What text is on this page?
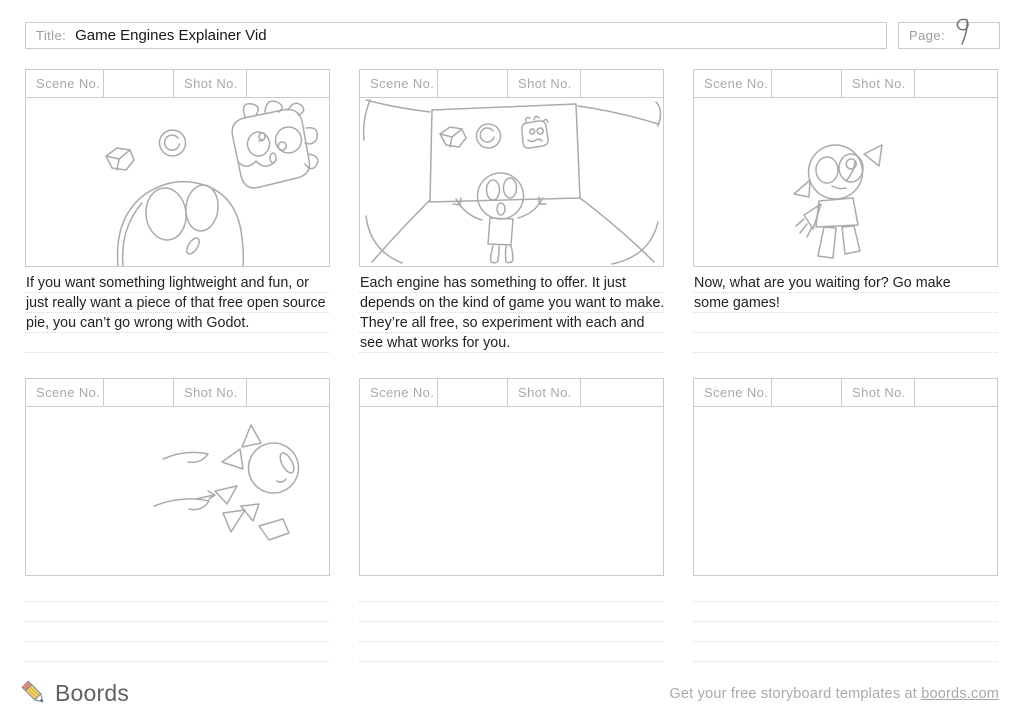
Title: Game Engines Explainer Vid	Page:
Scene No.	Shot No.
If you want something lightweight and fun, or
just really want a piece of that free open source
pie, you can’t go wrong with Godot.
Scene No.	Shot No.
Each engine has something to offer. It just
depends on the kind of game you want to make.
They’re all free, so experiment with each and
see what works for you.
Scene No.	Shot No.
Now, what are you waiting for? Go make
some games!
Scene No.	Shot No.	Scene No.	Shot No.	Scene No.	Shot No.
Boords	Get your free storyboard templates at boords.com
